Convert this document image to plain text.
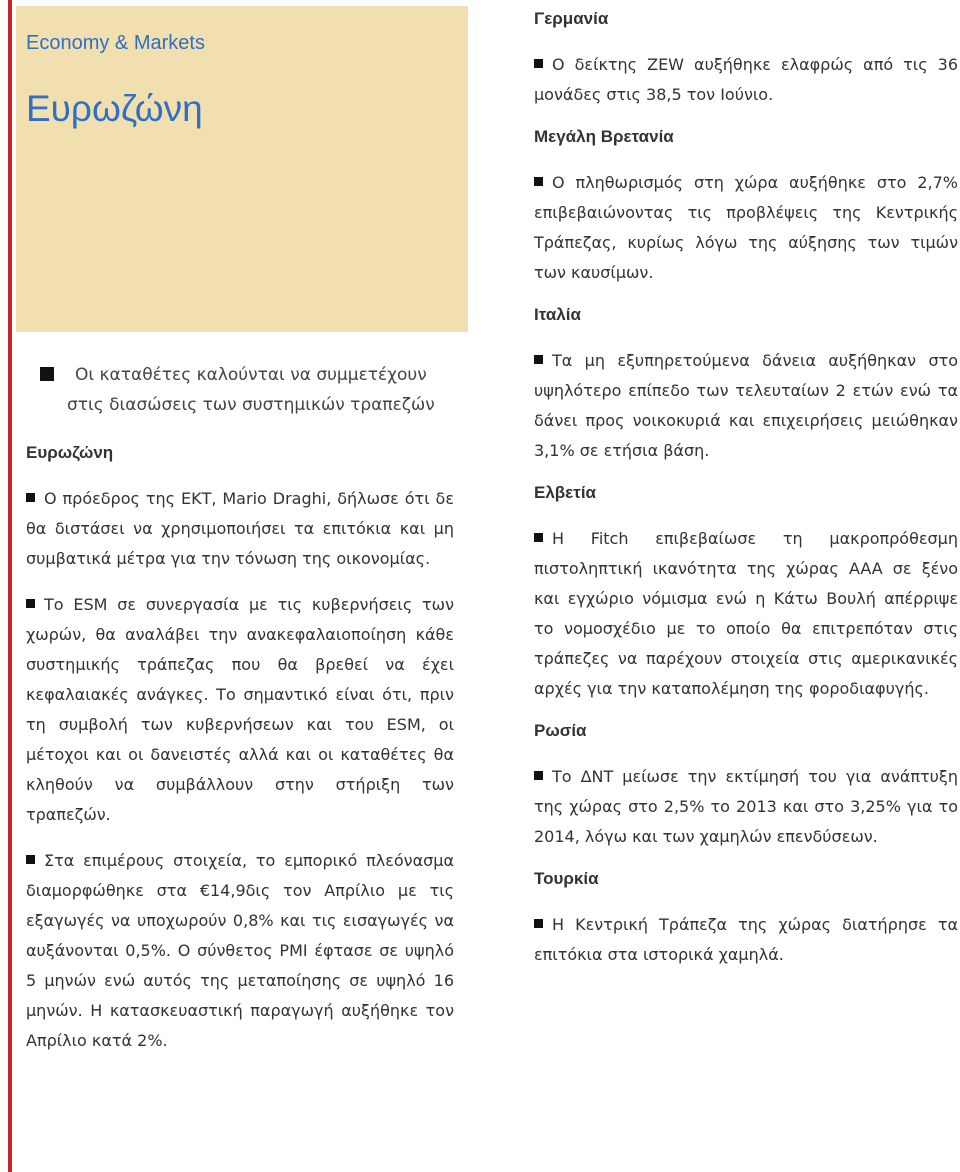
Economy & Markets
Ευρωζώνη
Οι καταθέτες καλούνται να συμμετέχουν
στις διασώσεις των συστημικών τραπεζών
Ευρωζώνη

Ο πρόεδρος της ΕΚΤ, Mario Draghi, δήλωσε ότι δε θα διστάσει να χρησιμοποιήσει τα επιτόκια και μη συμβατικά μέτρα για την τόνωση της οικονομίας.

Το ESM σε συνεργασία με τις κυβερνήσεις των χωρών, θα αναλάβει την ανακεφαλαιοποίηση κάθε συστημικής τράπεζας που θα βρεθεί να έχει κεφαλαιακές ανάγκες. Το σημαντικό είναι ότι, πριν τη συμβολή των κυβερνήσεων και του ESM, οι μέτοχοι και οι δανειστές αλλά και οι καταθέτες θα κληθούν να συμβάλλουν στην στήριξη των τραπεζών.

Στα επιμέρους στοιχεία, το εμπορικό πλεόνασμα διαμορφώθηκε στα €14,9δις τον Απρίλιο με τις εξαγωγές να υποχωρούν 0,8% και τις εισαγωγές να αυξάνονται 0,5%. Ο σύνθετος PMI έφτασε σε υψηλό 5 μηνών ενώ αυτός της μεταποίησης σε υψηλό 16 μηνών. Η κατασκευαστική παραγωγή αυξήθηκε τον Απρίλιο κατά 2%.

Γερμανία

Ο δείκτης ZEW αυξήθηκε ελαφρώς από τις 36 μονάδες στις 38,5 τον Ιούνιο.

Μεγάλη Βρετανία

Ο πληθωρισμός στη χώρα αυξήθηκε στο 2,7% επιβεβαιώνοντας τις προβλέψεις της Κεντρικής Τράπεζας, κυρίως λόγω της αύξησης των τιμών των καυσίμων.

Ιταλία

Τα μη εξυπηρετούμενα δάνεια αυξήθηκαν στο υψηλότερο επίπεδο των τελευταίων 2 ετών ενώ τα δάνει προς νοικοκυριά και επιχειρήσεις μειώθηκαν 3,1% σε ετήσια βάση.

Ελβετία

Η Fitch επιβεβαίωσε τη μακροπρόθεσμη πιστοληπτική ικανότητα της χώρας AAA σε ξένο και εγχώριο νόμισμα ενώ η Κάτω Βουλή απέρριψε το νομοσχέδιο με το οποίο θα επιτρεπόταν στις τράπεζες να παρέχουν στοιχεία στις αμερικανικές αρχές για την καταπολέμηση της φοροδιαφυγής.

Ρωσία

Το ΔΝΤ μείωσε την εκτίμησή του για ανάπτυξη της χώρας στο 2,5% το 2013 και στο 3,25% για το 2014, λόγω και των χαμηλών επενδύσεων.

Τουρκία

Η Κεντρική Τράπεζα της χώρας διατήρησε τα επιτόκια στα ιστορικά χαμηλά.
